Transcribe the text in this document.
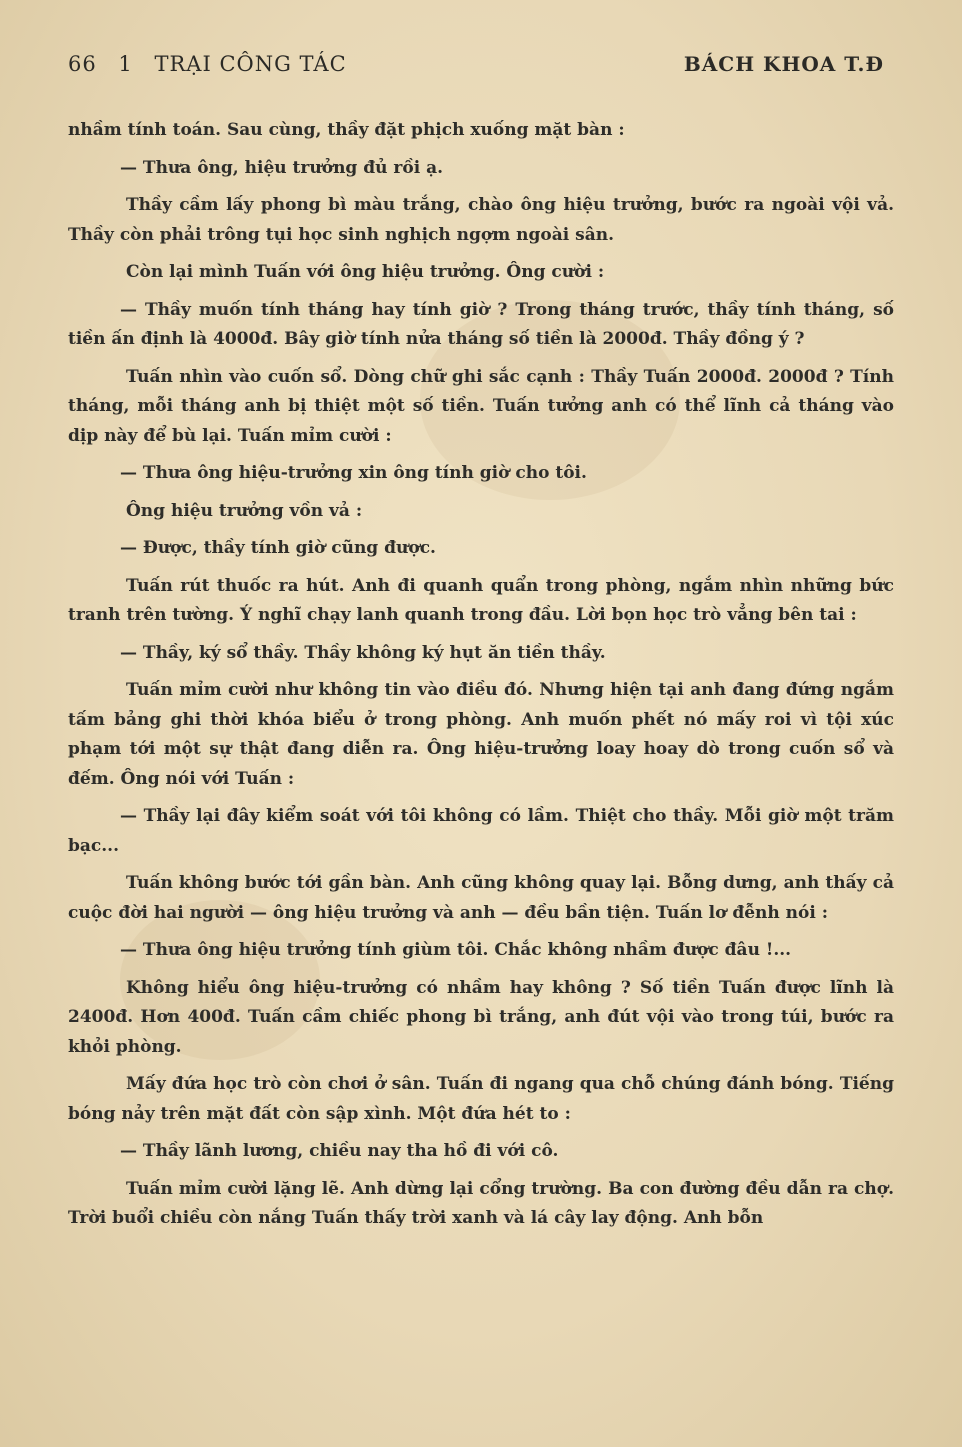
66 1 TRẠI CÔNG TÁC	BÁCH KHOA T.Đ

nhầm tính toán. Sau cùng, thầy đặt phịch xuống mặt bàn :

— Thưa ông, hiệu trưởng đủ rồi ạ.

Thầy cầm lấy phong bì màu trắng, chào ông hiệu trưởng, bước ra ngoài vội vả. Thầy còn phải trông tụi học sinh nghịch ngợm ngoài sân.

Còn lại mình Tuấn với ông hiệu trưởng. Ông cười :

— Thầy muốn tính tháng hay tính giờ ? Trong tháng trước, thầy tính tháng, số tiền ấn định là 4000đ. Bây giờ tính nửa tháng số tiền là 2000đ. Thầy đồng ý ?

Tuấn nhìn vào cuốn sổ. Dòng chữ ghi sắc cạnh : Thầy Tuấn 2000đ. 2000đ ? Tính tháng, mỗi tháng anh bị thiệt một số tiền. Tuấn tưởng anh có thể lĩnh cả tháng vào dịp này để bù lại. Tuấn mỉm cười :

— Thưa ông hiệu-trưởng xin ông tính giờ cho tôi.

Ông hiệu trưởng vồn vả :

— Được, thầy tính giờ cũng được.

Tuấn rút thuốc ra hút. Anh đi quanh quẩn trong phòng, ngắm nhìn những bức tranh trên tường. Ý nghĩ chạy lanh quanh trong đầu. Lời bọn học trò vẳng bên tai :

— Thầy, ký sổ thầy. Thầy không ký hụt ăn tiền thầy.

Tuấn mỉm cười như không tin vào điều đó. Nhưng hiện tại anh đang đứng ngắm tấm bảng ghi thời khóa biểu ở trong phòng. Anh muốn phết nó mấy roi vì tội xúc phạm tới một sự thật đang diễn ra. Ông hiệu-trưởng loay hoay dò trong cuốn sổ và đếm. Ông nói với Tuấn :

— Thầy lại đây kiểm soát với tôi không có lầm. Thiệt cho thầy. Mỗi giờ một trăm bạc...

Tuấn không bước tới gần bàn. Anh cũng không quay lại. Bỗng dưng, anh thấy cả cuộc đời hai người — ông hiệu trưởng và anh — đều bần tiện. Tuấn lơ đễnh nói :

— Thưa ông hiệu trưởng tính giùm tôi. Chắc không nhầm được đâu !...

Không hiểu ông hiệu-trưởng có nhầm hay không ? Số tiền Tuấn được lĩnh là 2400đ. Hơn 400đ. Tuấn cầm chiếc phong bì trắng, anh đút vội vào trong túi, bước ra khỏi phòng.

Mấy đứa học trò còn chơi ở sân. Tuấn đi ngang qua chỗ chúng đánh bóng. Tiếng bóng nảy trên mặt đất còn sập xình. Một đứa hét to :

— Thầy lãnh lương, chiều nay tha hồ đi với cô.

Tuấn mỉm cười lặng lẽ. Anh dừng lại cổng trường. Ba con đường đều dẫn ra chợ. Trời buổi chiều còn nắng Tuấn thấy trời xanh và lá cây lay động. Anh bỗn
